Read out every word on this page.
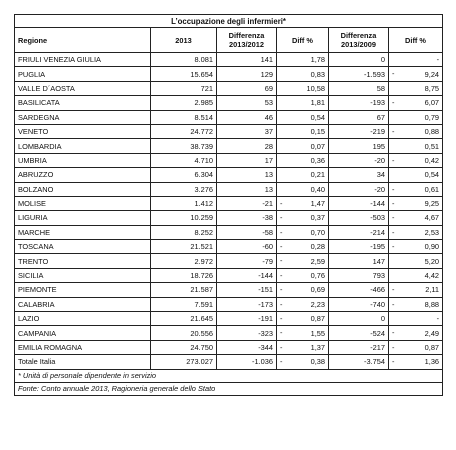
L’occupazione degli infermieri*					
Regione	2013	Differenza 2013/2012	Diff %	Differenza 2013/2009	Diff %
FRIULI VENEZIA GIULIA	8.081	141	1,78	0	-
PUGLIA	15.654	129	0,83	-1.593	- 9,24
VALLE D´AOSTA	721	69	10,58	58	8,75
BASILICATA	2.985	53	1,81	-193	- 6,07
SARDEGNA	8.514	46	0,54	67	0,79
VENETO	24.772	37	0,15	-219	- 0,88
LOMBARDIA	38.739	28	0,07	195	0,51
UMBRIA	4.710	17	0,36	-20	- 0,42
ABRUZZO	6.304	13	0,21	34	0,54
BOLZANO	3.276	13	0,40	-20	- 0,61
MOLISE	1.412	-21	- 1,47	-144	- 9,25
LIGURIA	10.259	-38	- 0,37	-503	- 4,67
MARCHE	8.252	-58	- 0,70	-214	- 2,53
TOSCANA	21.521	-60	- 0,28	-195	- 0,90
TRENTO	2.972	-79	- 2,59	147	5,20
SICILIA	18.726	-144	- 0,76	793	4,42
PIEMONTE	21.587	-151	- 0,69	-466	- 2,11
CALABRIA	7.591	-173	- 2,23	-740	- 8,88
LAZIO	21.645	-191	- 0,87	0	-
CAMPANIA	20.556	-323	- 1,55	-524	- 2,49
EMILIA ROMAGNA	24.750	-344	- 1,37	-217	- 0,87
Totale Italia	273.027	-1.036	- 0,38	-3.754	- 1,36
* Unità di personale dipendente in servizio					
Fonte: Conto annuale 2013, Ragioneria generale dello Stato					
